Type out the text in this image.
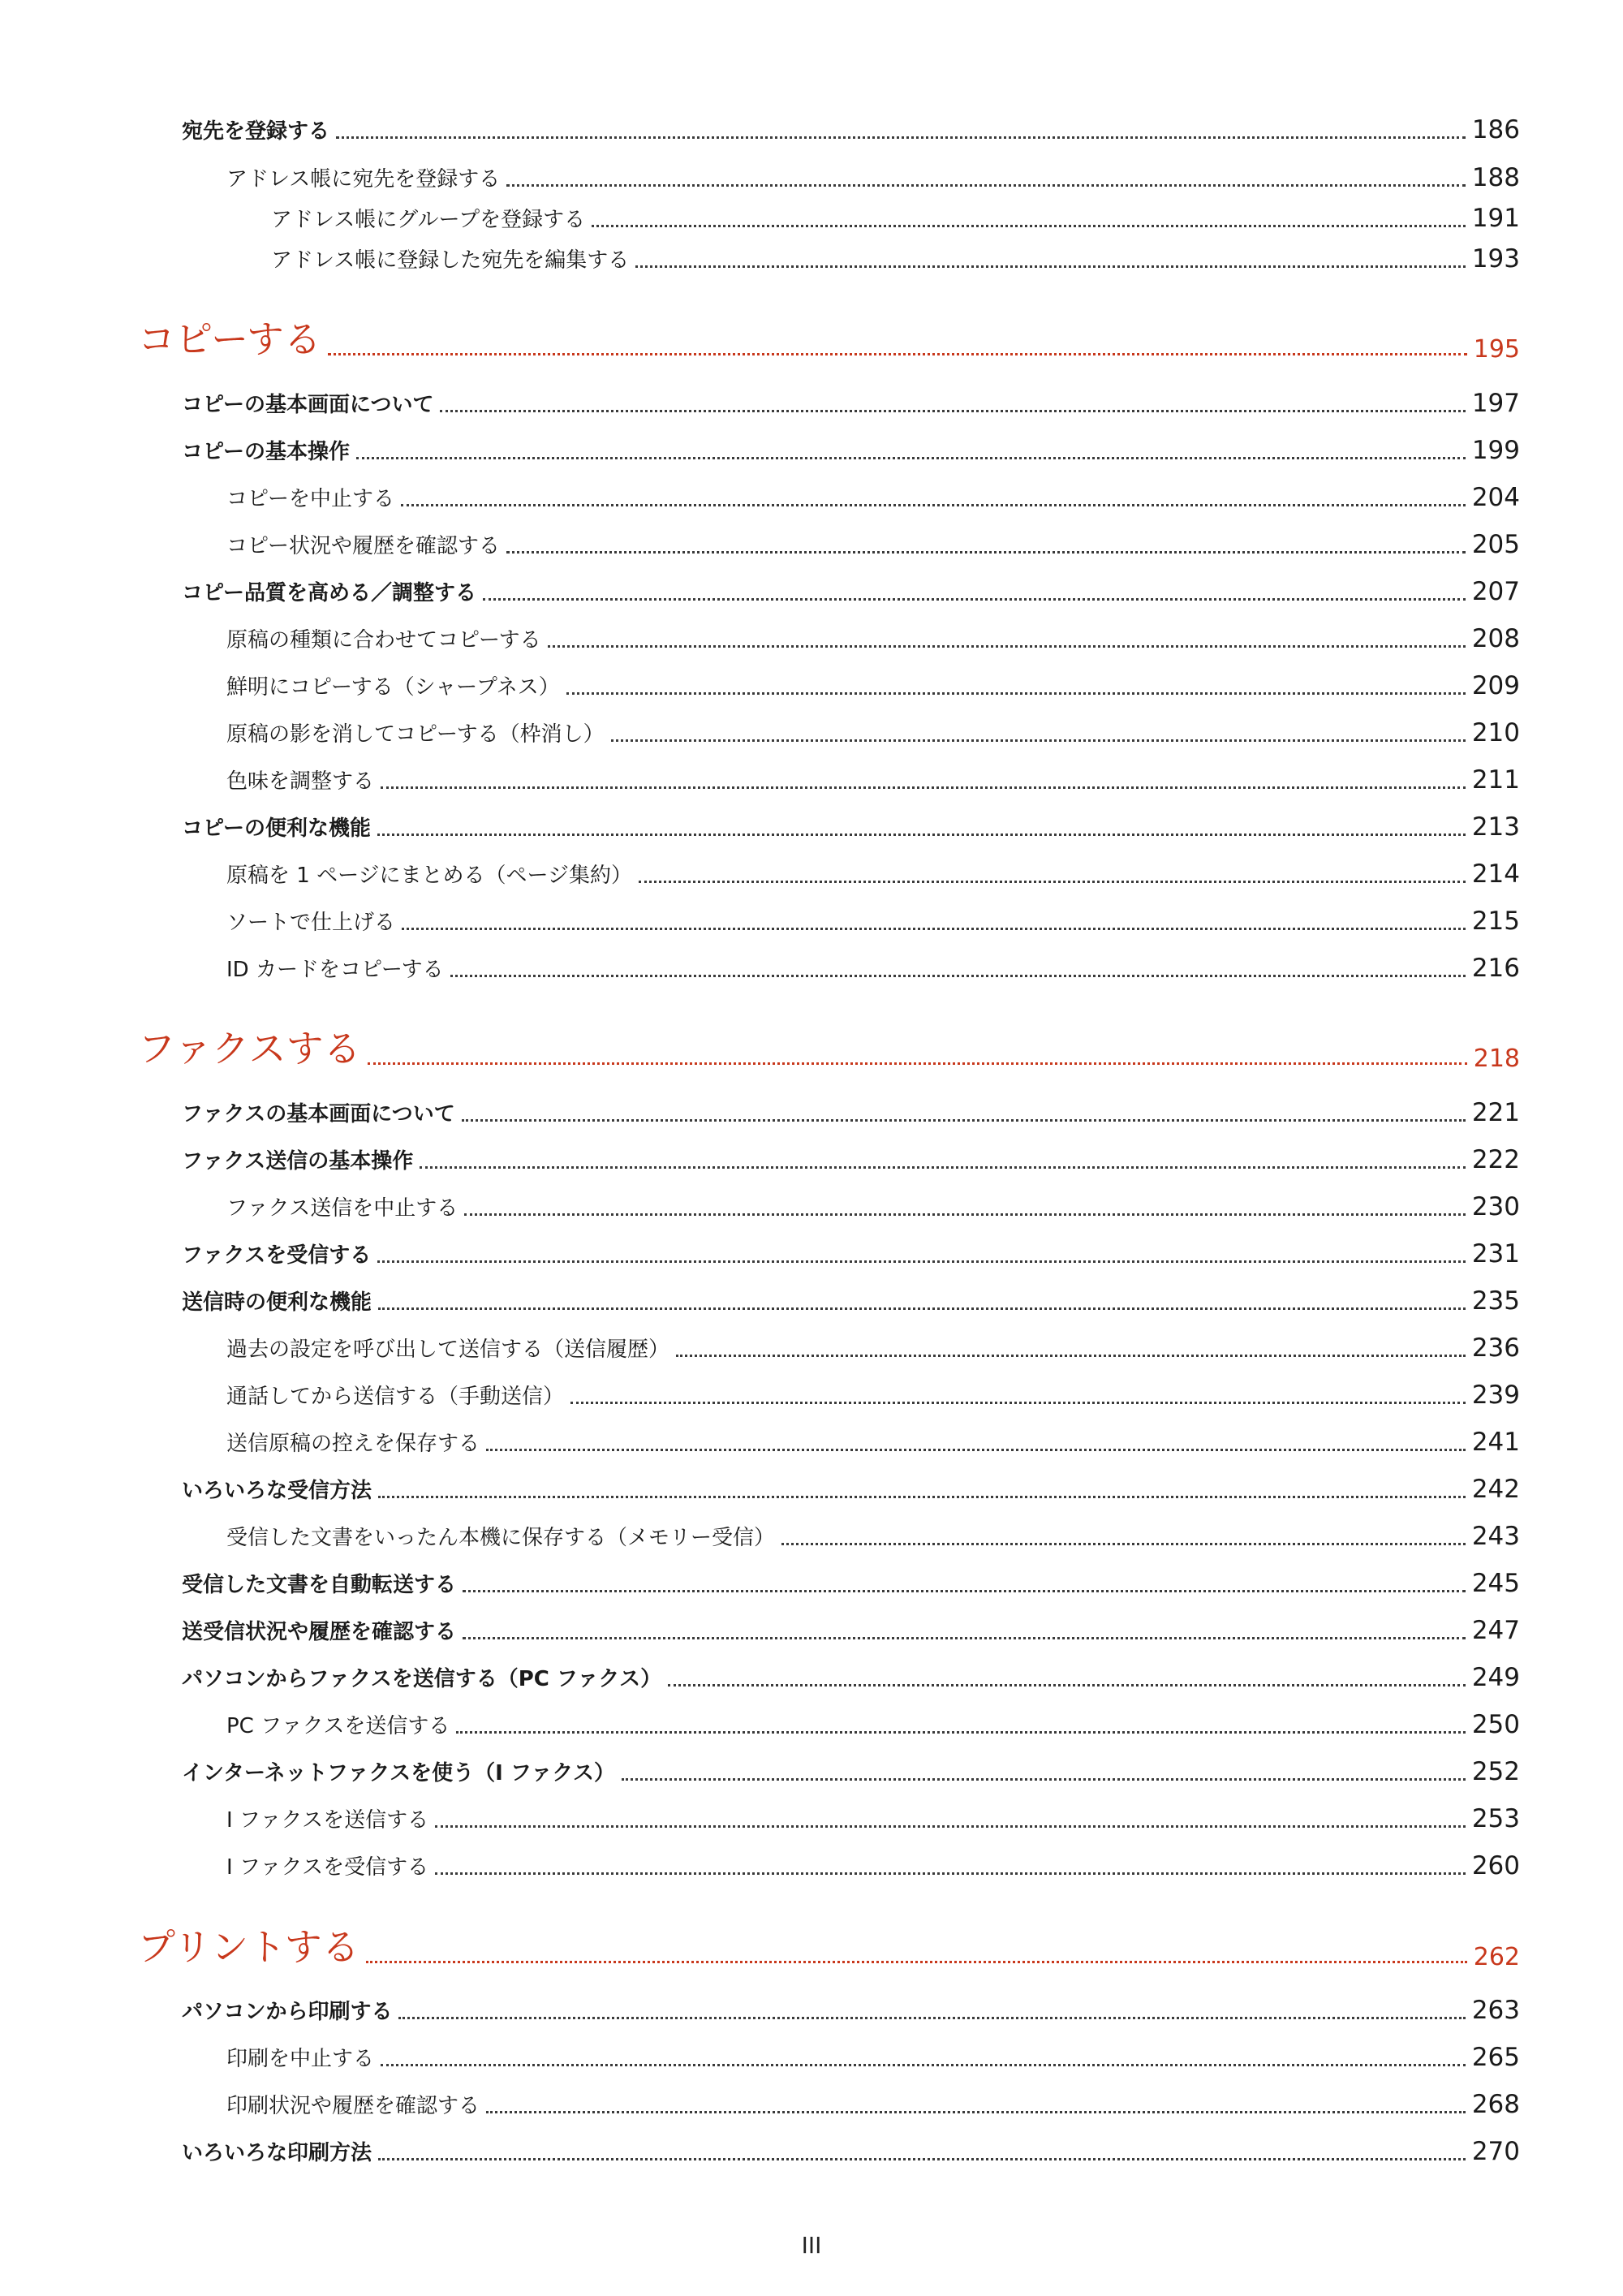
宛先を登録する	186
アドレス帳に宛先を登録する	188
アドレス帳にグループを登録する	191
アドレス帳に登録した宛先を編集する	193
コピーする	195
コピーの基本画面について	197
コピーの基本操作	199
コピーを中止する	204
コピー状況や履歴を確認する	205
コピー品質を高める／調整する	207
原稿の種類に合わせてコピーする	208
鮮明にコピーする（シャープネス）	209
原稿の影を消してコピーする（枠消し）	210
色味を調整する	211
コピーの便利な機能	213
原稿を 1 ページにまとめる（ページ集約）	214
ソートで仕上げる	215
ID カードをコピーする	216
ファクスする	218
ファクスの基本画面について	221
ファクス送信の基本操作	222
ファクス送信を中止する	230
ファクスを受信する	231
送信時の便利な機能	235
過去の設定を呼び出して送信する（送信履歴）	236
通話してから送信する（手動送信）	239
送信原稿の控えを保存する	241
いろいろな受信方法	242
受信した文書をいったん本機に保存する（メモリー受信）	243
受信した文書を自動転送する	245
送受信状況や履歴を確認する	247
パソコンからファクスを送信する（PC ファクス）	249
PC ファクスを送信する	250
インターネットファクスを使う（I ファクス）	252
I ファクスを送信する	253
I ファクスを受信する	260
プリントする	262
パソコンから印刷する	263
印刷を中止する	265
印刷状況や履歴を確認する	268
いろいろな印刷方法	270
III
